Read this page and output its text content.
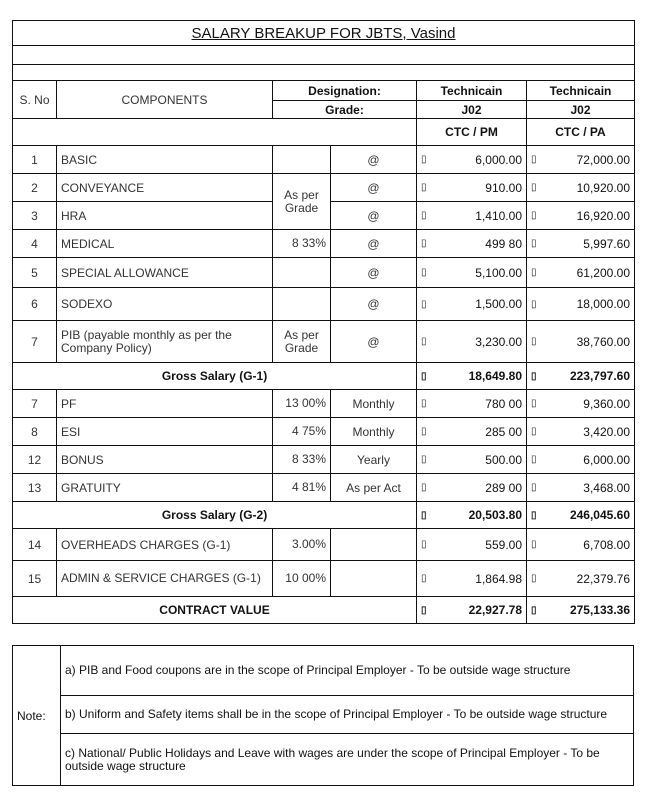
SALARY BREAKUP FOR JBTS, Vasind					

S. No	COMPONENTS	Designation:		Technicain	Technicain
		Grade:		J02	J02
				CTC / PM	CTC / PA
1	BASIC		@	▯ 6,000.00	▯ 72,000.00

2	CONVEYANCE	As per Grade	@	▯ 910.00	▯ 10,920.00

3	HRA		@	▯ 1,410.00	▯ 16,920.00

4	MEDICAL	8 33%	@	▯ 499 80	▯ 5,997.60

5	SPECIAL ALLOWANCE		@	▯ 5,100.00	▯ 61,200.00

6	SODEXO		@	▯ 1,500.00	▯ 18,000.00

7	PIB (payable monthly as per the Company Policy)	As per Grade	@	▯ 3,230.00	▯ 38,760.00

Gross Salary (G-1)				▯ 18,649.80	▯ 223,797.60

7	PF	13 00%	Monthly	▯ 780 00	▯ 9,360.00

8	ESI	4 75%	Monthly	▯ 285 00	▯ 3,420.00

12	BONUS	8 33%	Yearly	▯ 500.00	▯ 6,000.00

13	GRATUITY	4 81%	As per Act	▯ 289 00	▯ 3,468.00

Gross Salary (G-2)				▯ 20,503.80	▯ 246,045.60

14	OVERHEADS CHARGES (G-1)	3.00%		▯ 559.00	▯ 6,708.00

15	ADMIN & SERVICE CHARGES (G-1)	10 00%		▯ 1,864.98	▯ 22,379.76

CONTRACT VALUE				▯ 22,927.78	▯ 275,133.36
Note:	a) PIB and Food coupons are in the scope of Principal Employer - To be outside wage structure
b) Uniform and Safety items shall be in the scope of Principal Employer - To be outside wage structure
c) National/ Public Holidays and Leave with wages are under the scope of Principal Employer - To be outside wage structure
